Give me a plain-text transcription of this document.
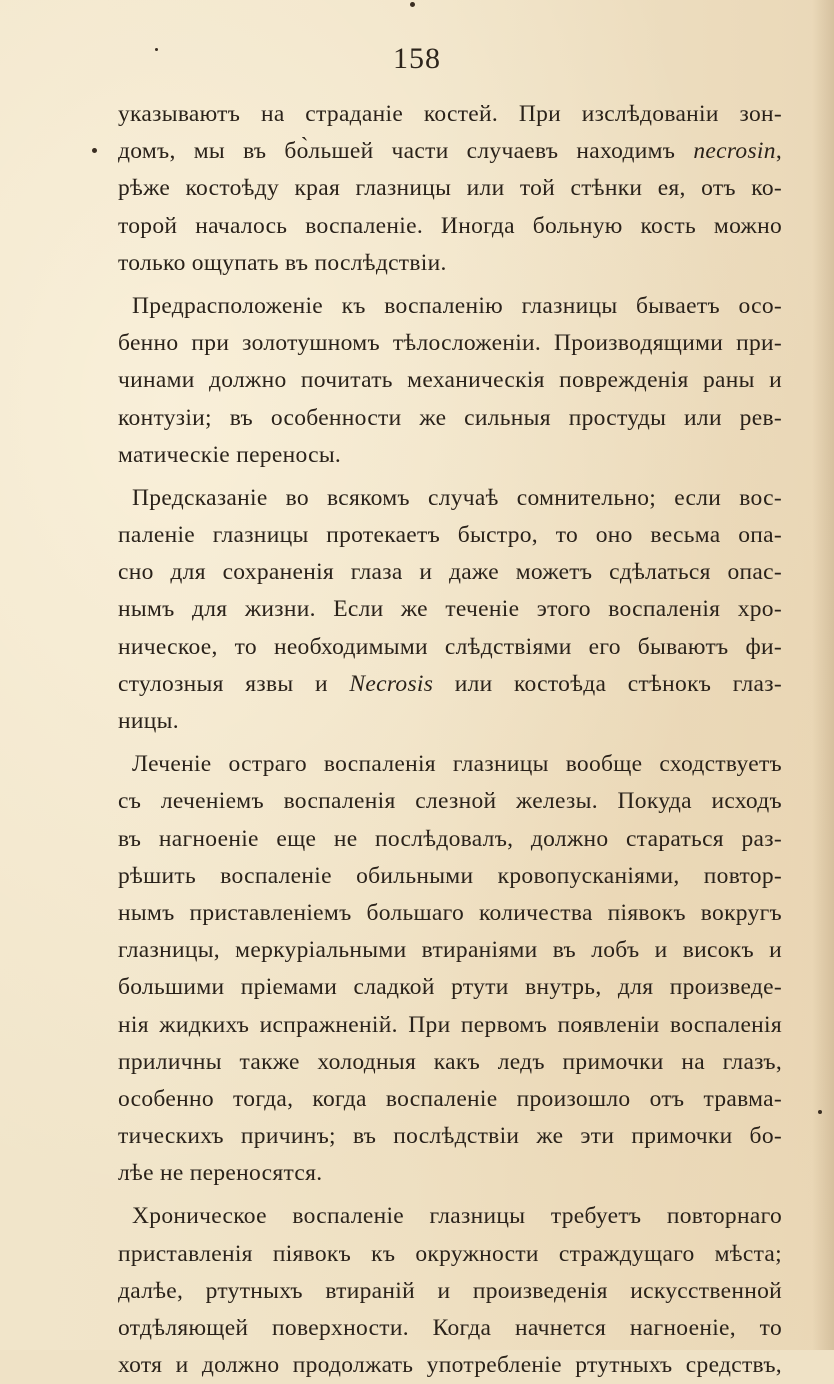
158
указываютъ на страданіе костей. При изслѣдованіи зон-
домъ, мы въ бо̀льшей части случаевъ находимъ necrosin,
рѣже костоѣду края глазницы или той стѣнки ея, отъ ко-
торой началось воспаленіе. Иногда больную кость можно
только ощупать въ послѣдствіи.
Предрасположеніе къ воспаленію глазницы бываетъ осо-
бенно при золотушномъ тѣлосложеніи. Производящими при-
чинами должно почитать механическія поврежденія раны и
контузіи; въ особенности же сильныя простуды или рев-
матическіе переносы.
Предсказаніе во всякомъ случаѣ сомнительно; если вос-
паленіе глазницы протекаетъ быстро, то оно весьма опа-
сно для сохраненія глаза и даже можетъ сдѣлаться опас-
нымъ для жизни. Если же теченіе этого воспаленія хро-
ническое, то необходимыми слѣдствіями его бываютъ фи-
стулозныя язвы и Necrosis или костоѣда стѣнокъ глаз-
ницы.
Леченіе остраго воспаленія глазницы вообще сходствуетъ
съ леченіемъ воспаленія слезной железы. Покуда исходъ
въ нагноеніе еще не послѣдовалъ, должно стараться раз-
рѣшить воспаленіе обильными кровопусканіями, повтор-
нымъ приставленіемъ большаго количества піявокъ вокругъ
глазницы, меркуріальными втираніями въ лобъ и високъ и
большими пріемами сладкой ртути внутрь, для произведе-
нія жидкихъ испражненій. При первомъ появленіи воспаленія
приличны также холодныя какъ ледъ примочки на глазъ,
особенно тогда, когда воспаленіе произошло отъ травма-
тическихъ причинъ; въ послѣдствіи же эти примочки бо-
лѣе не переносятся.
Хроническое воспаленіе глазницы требуетъ повторнаго
приставленія піявокъ къ окружности страждущаго мѣста;
далѣе, ртутныхъ втираній и произведенія искусственной
отдѣляющей поверхности. Когда начнется нагноеніе, то
хотя и должно продолжать употребленіе ртутныхъ средствъ,
